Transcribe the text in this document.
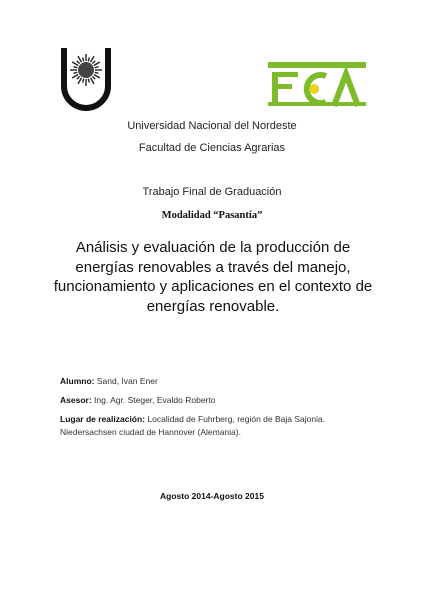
Universidad Nacional del Nordeste
Facultad de Ciencias Agrarias
Trabajo Final de Graduación
Modalidad “Pasantía”
Análisis y evaluación de la producción de energías renovables a través del manejo, funcionamiento y aplicaciones en el contexto de energías renovable.
Alumno: Sand, Ivan Ener
Asesor: Ing. Agr. Steger, Evaldo Roberto
Lugar de realización: Localidad de Fuhrberg, región de Baja Sajonia. Niedersachsen ciudad de Hannover (Alemania).
Agosto 2014-Agosto 2015
